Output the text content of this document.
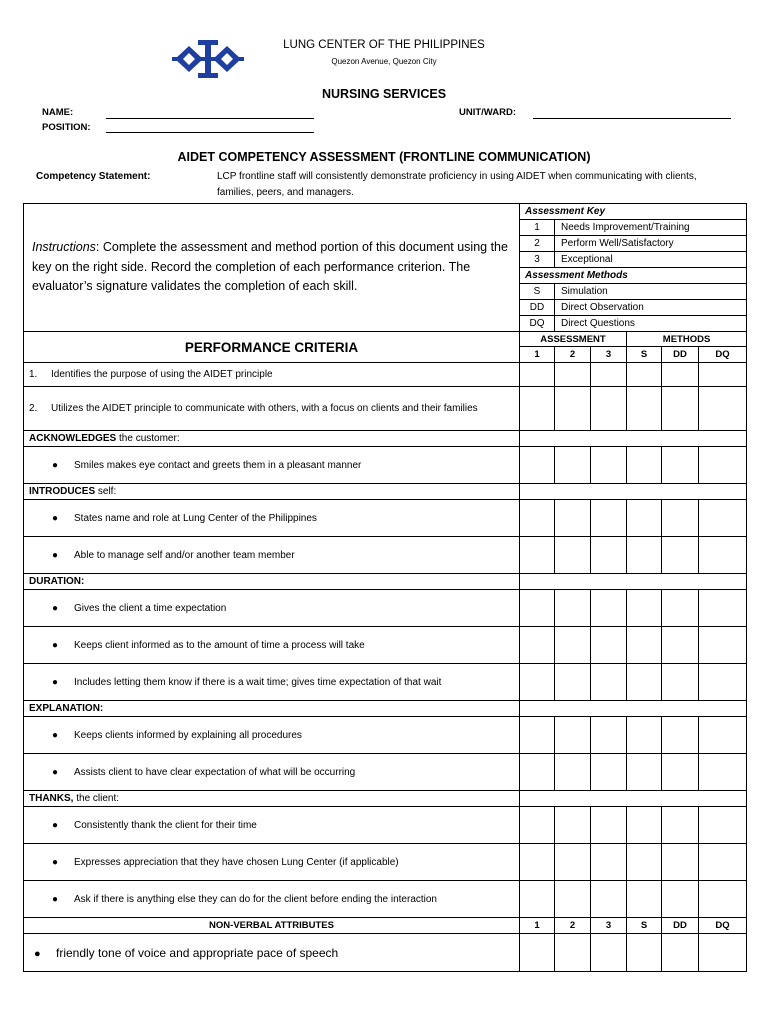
LUNG CENTER OF THE PHILIPPINES
Quezon Avenue, Quezon City
NURSING SERVICES
NAME:
POSITION:
UNIT/WARD:
AIDET COMPETENCY ASSESSMENT (FRONTLINE COMMUNICATION)
Competency Statement:	LCP frontline staff will consistently demonstrate proficiency in using AIDET when communicating with clients, families, peers, and managers.
Instructions: Complete the assessment and method portion of this document using the key on the right side. Record the completion of each performance criterion. The evaluator’s signature validates the completion of each skill.	Assessment Key					
	1	Needs Improvement/Training				
	2	Perform Well/Satisfactory				
	3	Exceptional				
	Assessment Methods					
	S	Simulation				
	DD	Direct Observation				
	DQ	Direct Questions				
PERFORMANCE CRITERIA	ASSESSMENT			METHODS		
	1	2	3	S	DD	DQ

1. Identifies the purpose of using the AIDET principle						

2. Utilizes the AIDET principle to communicate with others, with a focus on clients and their families						

ACKNOWLEDGES the customer:						
● Smiles makes eye contact and greets them in a pleasant manner						
INTRODUCES self:						
● States name and role at Lung Center of the Philippines						
● Able to manage self and/or another team member						
DURATION:						
● Gives the client a time expectation						
● Keeps client informed as to the amount of time a process will take						
● Includes letting them know if there is a wait time; gives time expectation of that wait						
EXPLANATION:						
● Keeps clients informed by explaining all procedures						
● Assists client to have clear expectation of what will be occurring						
THANKS, the client:						
● Consistently thank the client for their time						
● Expresses appreciation that they have chosen Lung Center (if applicable)						
● Ask if there is anything else they can do for the client before ending the interaction						
NON-VERBAL ATTRIBUTES	1	2	3	S	DD	DQ
● friendly tone of voice and appropriate pace of speech						
